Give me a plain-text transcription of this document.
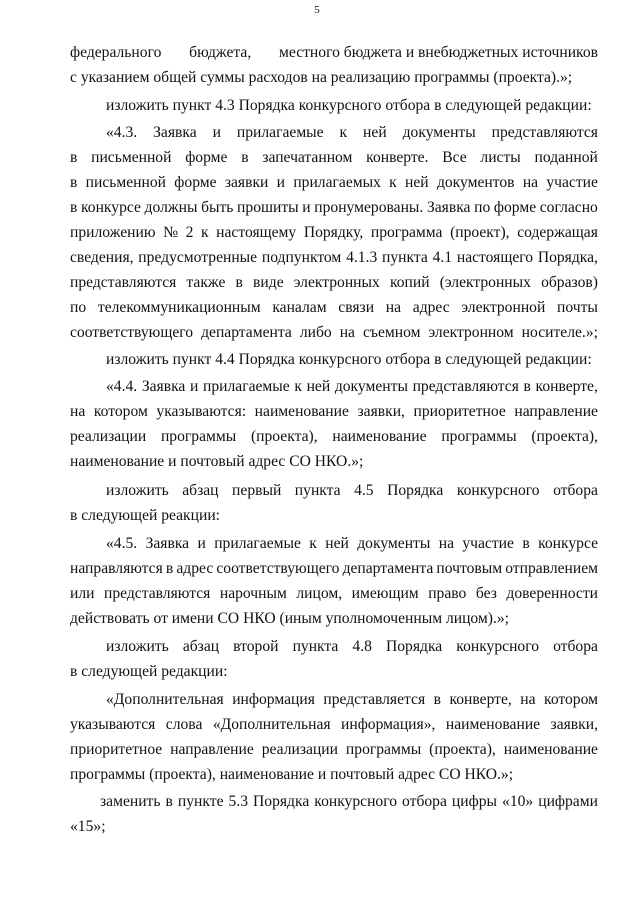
5
федерального бюджета, местного бюджета и внебюджетных источников
с указанием общей суммы расходов на реализацию программы (проекта).»;
изложить пункт 4.3 Порядка конкурсного отбора в следующей редакции:
«4.3. Заявка и прилагаемые к ней документы представляются
в письменной форме в запечатанном конверте. Все листы поданной
в письменной форме заявки и прилагаемых к ней документов на участие
в конкурсе должны быть прошиты и пронумерованы. Заявка по форме согласно
приложению № 2 к настоящему Порядку, программа (проект), содержащая
сведения, предусмотренные подпунктом 4.1.3 пункта 4.1 настоящего Порядка,
представляются также в виде электронных копий (электронных образов)
по телекоммуникационным каналам связи на адрес электронной почты
соответствующего департамента либо на съемном электронном носителе.»;
изложить пункт 4.4 Порядка конкурсного отбора в следующей редакции:
«4.4. Заявка и прилагаемые к ней документы представляются в конверте,
на котором указываются: наименование заявки, приоритетное направление
реализации программы (проекта), наименование программы (проекта),
наименование и почтовый адрес СО НКО.»;
изложить абзац первый пункта 4.5 Порядка конкурсного отбора
в следующей реакции:
«4.5. Заявка и прилагаемые к ней документы на участие в конкурсе
направляются в адрес соответствующего департамента почтовым отправлением
или представляются нарочным лицом, имеющим право без доверенности
действовать от имени СО НКО (иным уполномоченным лицом).»;
изложить абзац второй пункта 4.8 Порядка конкурсного отбора
в следующей редакции:
«Дополнительная информация представляется в конверте, на котором
указываются слова «Дополнительная информация», наименование заявки,
приоритетное направление реализации программы (проекта), наименование
программы (проекта), наименование и почтовый адрес СО НКО.»;
заменить в пункте 5.3 Порядка конкурсного отбора цифры «10» цифрами
«15»;
